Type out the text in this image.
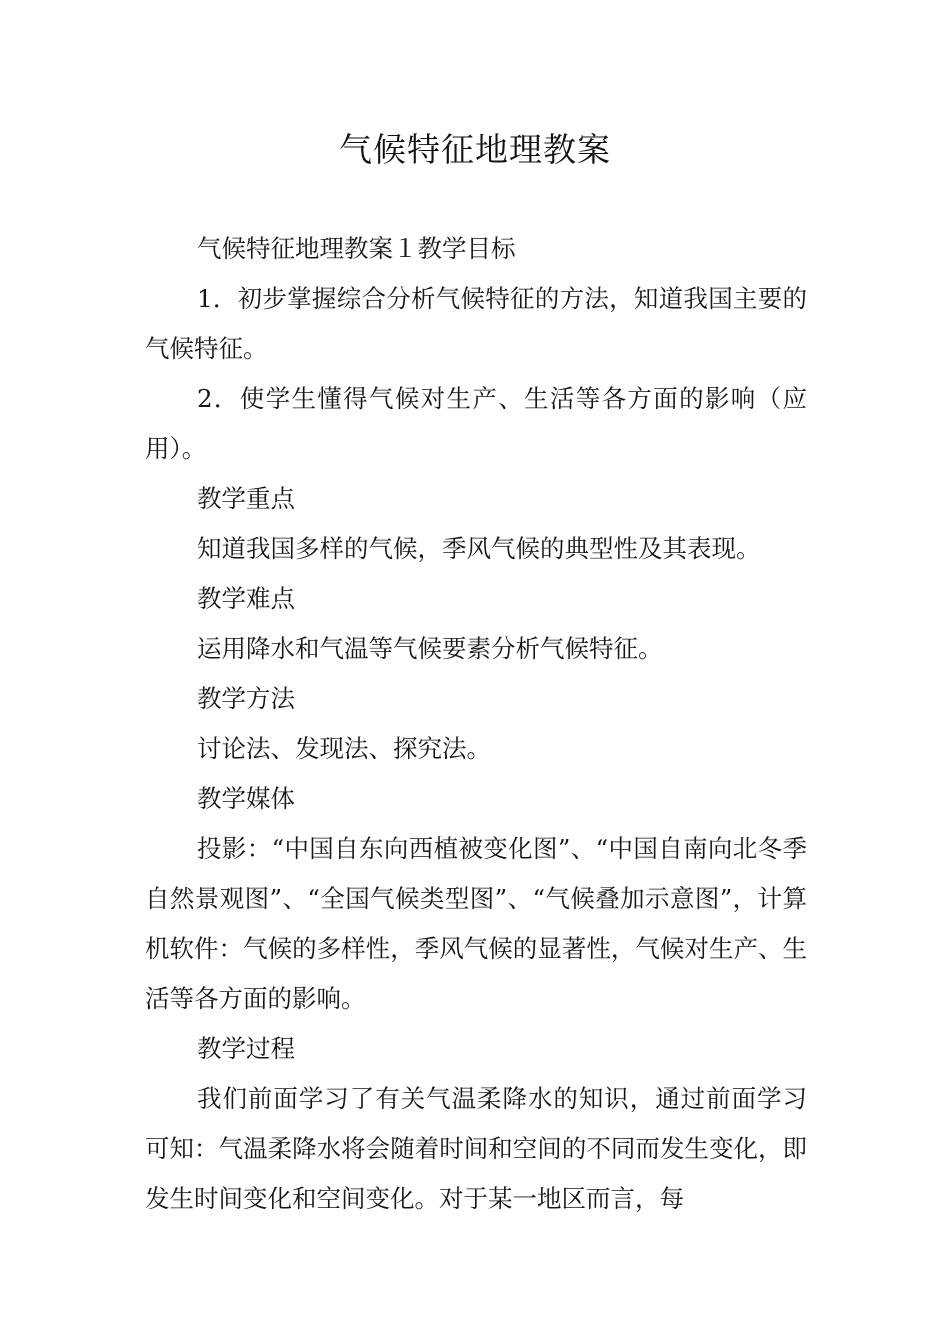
气候特征地理教案

气候特征地理教案１教学目标

1．初步掌握综合分析气候特征的方法，知道我国主要的气候特征。

2．使学生懂得气候对生产、生活等各方面的影响（应用）。

教学重点

知道我国多样的气候，季风气候的典型性及其表现。

教学难点

运用降水和气温等气候要素分析气候特征。

教学方法

讨论法、发现法、探究法。

教学媒体

投影：“中国自东向西植被变化图”、“中国自南向北冬季自然景观图”、“全国气候类型图”、“气候叠加示意图”，计算机软件：气候的多样性，季风气候的显著性，气候对生产、生活等各方面的影响。

教学过程

我们前面学习了有关气温柔降水的知识，通过前面学习可知：气温柔降水将会随着时间和空间的不同而发生变化，即发生时间变化和空间变化。对于某一地区而言，每
